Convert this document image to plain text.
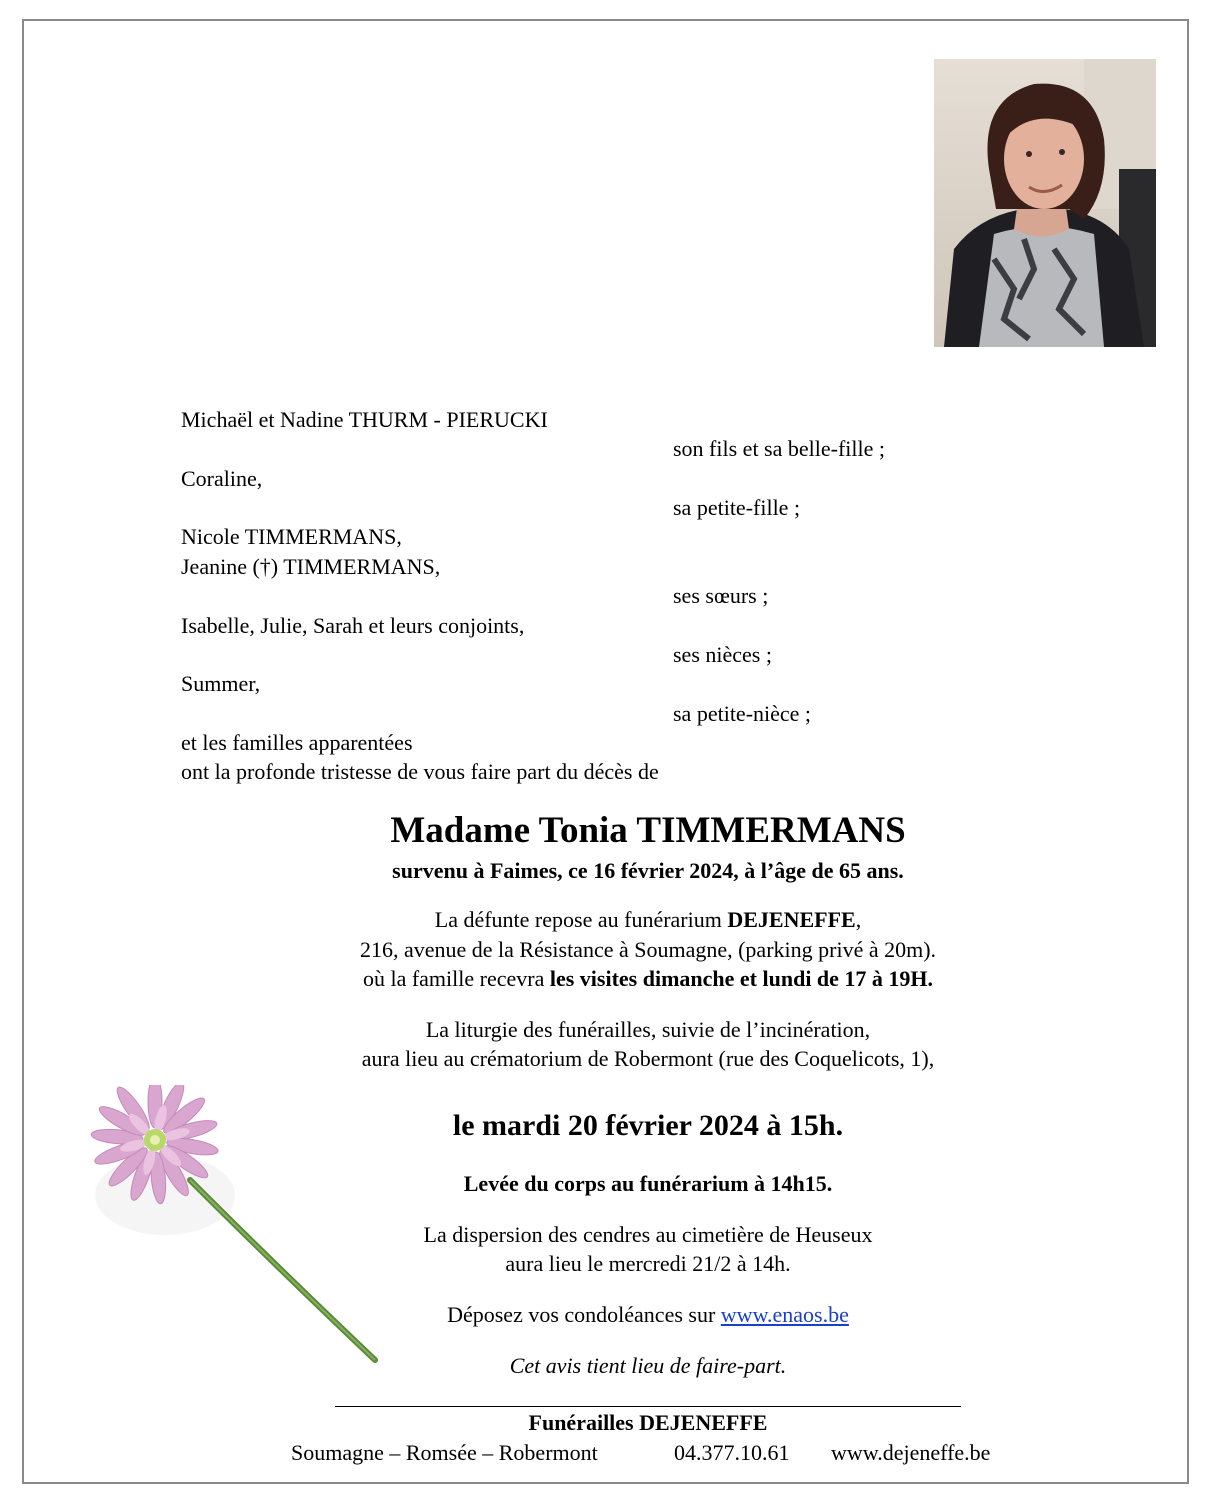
Michaël et Nadine THURM - PIERUCKI
son fils et sa belle-fille ;
Coraline,
sa petite-fille ;
Nicole TIMMERMANS,
Jeanine (†) TIMMERMANS,
ses sœurs ;
Isabelle, Julie, Sarah et leurs conjoints,
ses nièces ;
Summer,
sa petite-nièce ;
et les familles apparentées
ont la profonde tristesse de vous faire part du décès de
Madame Tonia TIMMERMANS
survenu à Faimes, ce 16 février 2024, à l’âge de 65 ans.
La défunte repose au funérarium DEJENEFFE,
216, avenue de la Résistance à Soumagne, (parking privé à 20m).
où la famille recevra les visites dimanche et lundi de 17 à 19H.
La liturgie des funérailles, suivie de l’incinération,
aura lieu au crématorium de Robermont (rue des Coquelicots, 1),
le mardi 20 février 2024 à 15h.
Levée du corps au funérarium à 14h15.
La dispersion des cendres au cimetière de Heuseux
aura lieu le mercredi 21/2 à 14h.
Déposez vos condoléances sur www.enaos.be
Cet avis tient lieu de faire-part.
Funérailles DEJENEFFE
Soumagne – Romsée – Robermont	04.377.10.61 www.dejeneffe.be
